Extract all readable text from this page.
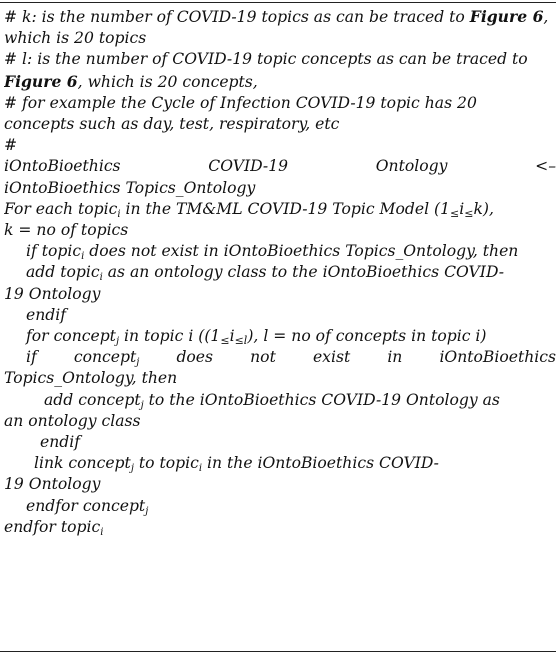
# k: is the number of COVID-19 topics as can be traced to Figure 6,
which is 20 topics
# l: is the number of COVID-19 topic concepts as can be traced to
Figure 6, which is 20 concepts,
# for example the Cycle of Infection COVID-19 topic has 20
concepts such as day, test, respiratory, etc
#
iOntoBioethics	COVID-19	Ontology	<–
iOntoBioethics Topics_Ontology
For each topic$_i$ in the TM&ML COVID-19 Topic Model (1≤i≤k),
k = no of topics
if topic$_i$ does not exist in iOntoBioethics Topics_Ontology, then
add topic$_i$ as an ontology class to the iOntoBioethics COVID-
19 Ontology
endif
for concept$_j$ in topic i ((1≤i≤l), l = no of concepts in topic i)
if concept$_j$ does not exist in iOntoBioethics
Topics_Ontology, then
add concept$_j$ to the iOntoBioethics COVID-19 Ontology as
an ontology class
endif
link concept$_j$ to topic$_i$ in the iOntoBioethics COVID-
19 Ontology
endfor concept$_j$
endfor topic$_i$
